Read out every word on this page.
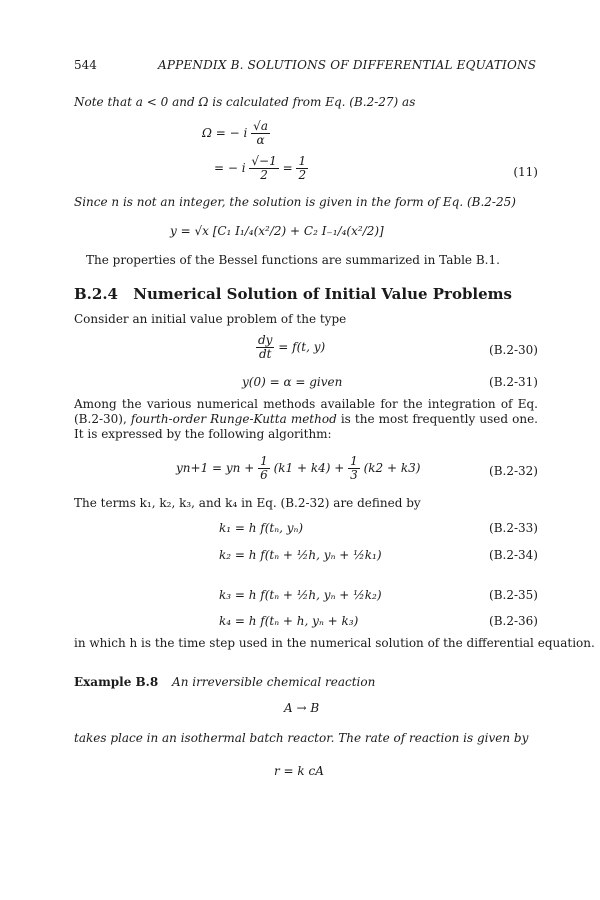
544	APPENDIX B. SOLUTIONS OF DIFFERENTIAL EQUATIONS
Note that a < 0 and Ω is calculated from Eq. (B.2-27) as
Ω = − i $\frac{√a}{\alpha}$
= − i $\frac{√-1}{2} = \frac{1}{2}$	(11)
Since n is not an integer, the solution is given in the form of Eq. (B.2-25)
y = √x [C₁ I₁/₄(x²/2) + C₂ I₋₁/₄(x²/2)]
The properties of the Bessel functions are summarized in Table B.1.
B.2.4 Numerical Solution of Initial Value Problems
Consider an initial value problem of the type
$\frac{dy}{dt} = f(t$, y)	(B.2-30)
y(0) = α = given	(B.2-31)
Among the various numerical methods available for the integration of Eq. (B.2-30), fourth-order Runge-Kutta method is the most frequently used one. It is expressed by the following algorithm:
yn+1 = yn + $\frac{1}{6} (k1 + k4) + \frac{1}{3} (k2 + k3)$	(B.2-32)
The terms k₁, k₂, k₃, and k₄ in Eq. (B.2-32) are defined by
k₁ = h f(tₙ, yₙ)	(B.2-33)
k₂ = h f(tₙ + ½h, yₙ + ½k₁)	(B.2-34)
k₃ = h f(tₙ + ½h, yₙ + ½k₂)	(B.2-35)
k₄ = h f(tₙ + h, yₙ + k₃)	(B.2-36)
in which h is the time step used in the numerical solution of the differential equation.
Example B.8 An irreversible chemical reaction
A → B
takes place in an isothermal batch reactor. The rate of reaction is given by
r = k cA
